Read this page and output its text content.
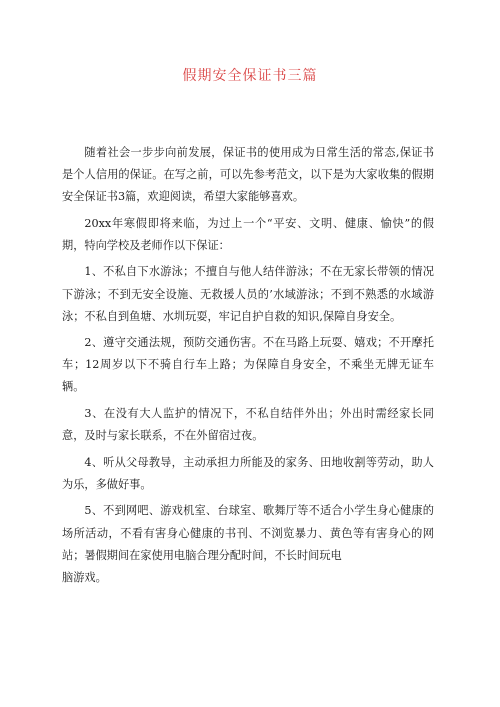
假期安全保证书三篇

随着社会一步步向前发展，保证书的使用成为日常生活的常态,保证书是个人信用的保证。在写之前，可以先参考范文，以下是为大家收集的假期安全保证书3篇，欢迎阅读，希望大家能够喜欢。

20xx年寒假即将来临，为过上一个“平安、文明、健康、愉快”的假期，特向学校及老师作以下保证：

1、不私自下水游泳；不擅自与他人结伴游泳；不在无家长带领的情况下游泳；不到无安全设施、无救援人员的’水域游泳；不到不熟悉的水域游泳；不私自到鱼塘、水圳玩耍，牢记自护自救的知识,保障自身安全。

2、遵守交通法规，预防交通伤害。不在马路上玩耍、嬉戏；不开摩托车；12周岁以下不骑自行车上路；为保障自身安全，不乘坐无牌无证车辆。

3、在没有大人监护的情况下，不私自结伴外出；外出时需经家长同意，及时与家长联系，不在外留宿过夜。

4、听从父母教导，主动承担力所能及的家务、田地收割等劳动，助人为乐，多做好事。

5、不到网吧、游戏机室、台球室、歌舞厅等不适合小学生身心健康的场所活动，不看有害身心健康的书刊、不浏览暴力、黄色等有害身心的网站；暑假期间在家使用电脑合理分配时间，不长时间玩电

脑游戏。
